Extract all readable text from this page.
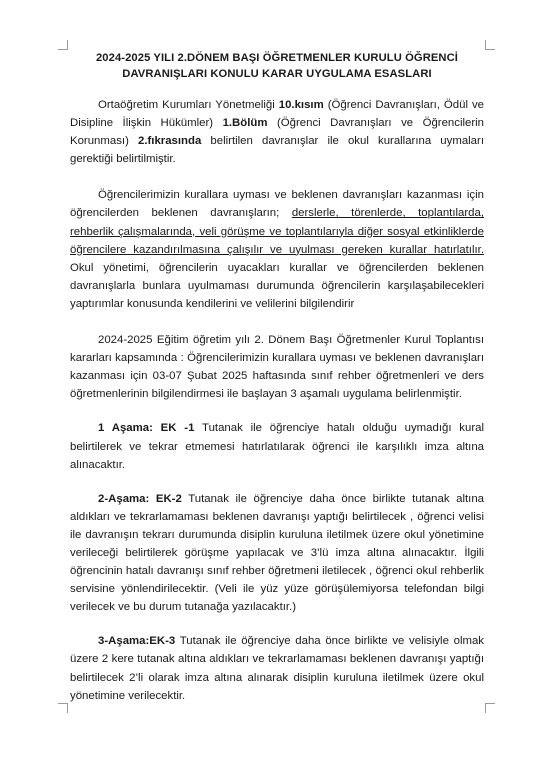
2024-2025 YILI 2.DÖNEM BAŞI ÖĞRETMENLER KURULU ÖĞRENCİ
DAVRANIŞLARI KONULU KARAR UYGULAMA ESASLARI

Ortaöğretim Kurumları Yönetmeliği 10.kısım (Öğrenci Davranışları, Ödül ve Disipline İlişkin Hükümler) 1.Bölüm (Öğrenci Davranışları ve Öğrencilerin Korunması) 2.fıkrasında belirtilen davranışlar ile okul kurallarına uymaları gerektiği belirtilmiştir.

Öğrencilerimizin kurallara uyması ve beklenen davranışları kazanması için öğrencilerden beklenen davranışların; derslerle, törenlerde, toplantılarda, rehberlik çalışmalarında, veli görüşme ve toplantılarıyla diğer sosyal etkinliklerde öğrencilere kazandırılmasına çalışılır ve uyulması gereken kurallar hatırlatılır. Okul yönetimi, öğrencilerin uyacakları kurallar ve öğrencilerden beklenen davranışlarla bunlara uyulmaması durumunda öğrencilerin karşılaşabilecekleri yaptırımlar konusunda kendilerini ve velilerini bilgilendirir

2024-2025 Eğitim öğretim yılı 2. Dönem Başı Öğretmenler Kurul Toplantısı kararları kapsamında : Öğrencilerimizin kurallara uyması ve beklenen davranışları kazanması için 03-07 Şubat 2025 haftasında sınıf rehber öğretmenleri ve ders öğretmenlerinin bilgilendirmesi ile başlayan 3 aşamalı uygulama belirlenmiştir.

1 Aşama: EK -1 Tutanak ile öğrenciye hatalı olduğu uymadığı kural belirtilerek ve tekrar etmemesi hatırlatılarak öğrenci ile karşılıklı imza altına alınacaktır.

2-Aşama: EK-2 Tutanak ile öğrenciye daha önce birlikte tutanak altına aldıkları ve tekrarlamaması beklenen davranışı yaptığı belirtilecek , öğrenci velisi ile davranışın tekrarı durumunda disiplin kuruluna iletilmek üzere okul yönetimine verileceği belirtilerek görüşme yapılacak ve 3’lü imza altına alınacaktır. İlgili öğrencinin hatalı davranışı sınıf rehber öğretmeni iletilecek , öğrenci okul rehberlik servisine yönlendirilecektir. (Veli ile yüz yüze görüşülemiyorsa telefondan bilgi verilecek ve bu durum tutanağa yazılacaktır.)

3-Aşama:EK-3 Tutanak ile öğrenciye daha önce birlikte ve velisiyle olmak üzere 2 kere tutanak altına aldıkları ve tekrarlamaması beklenen davranışı yaptığı belirtilecek 2’li olarak imza altına alınarak disiplin kuruluna iletilmek üzere okul yönetimine verilecektir.
